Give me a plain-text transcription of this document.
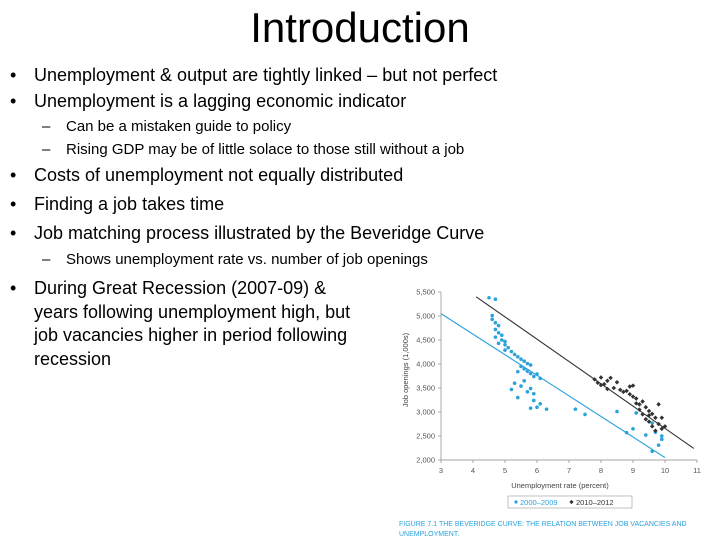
Introduction
• Unemployment & output are tightly linked – but not perfect
• Unemployment is a lagging economic indicator
– Can be a mistaken guide to policy
– Rising GDP may be of little solace to those still without a job
• Costs of unemployment not equally distributed
• Finding a job takes time
• Job matching process illustrated by the Beveridge Curve
– Shows unemployment rate vs. number of job openings
• During Great Recession (2007-09) & years following unemployment high, but job vacancies higher in period following recession
2,000
2,500
3,000
3,500
4,000
4,500
5,000
5,500
3	4	5	6	7	8	9	10	11
Job openings (1,000s)
Unemployment rate (percent)
2000–2009 2010–2012
FIGURE 7.1 THE BEVERIDGE CURVE: THE RELATION BETWEEN JOB VACANCIES AND UNEMPLOYMENT.
